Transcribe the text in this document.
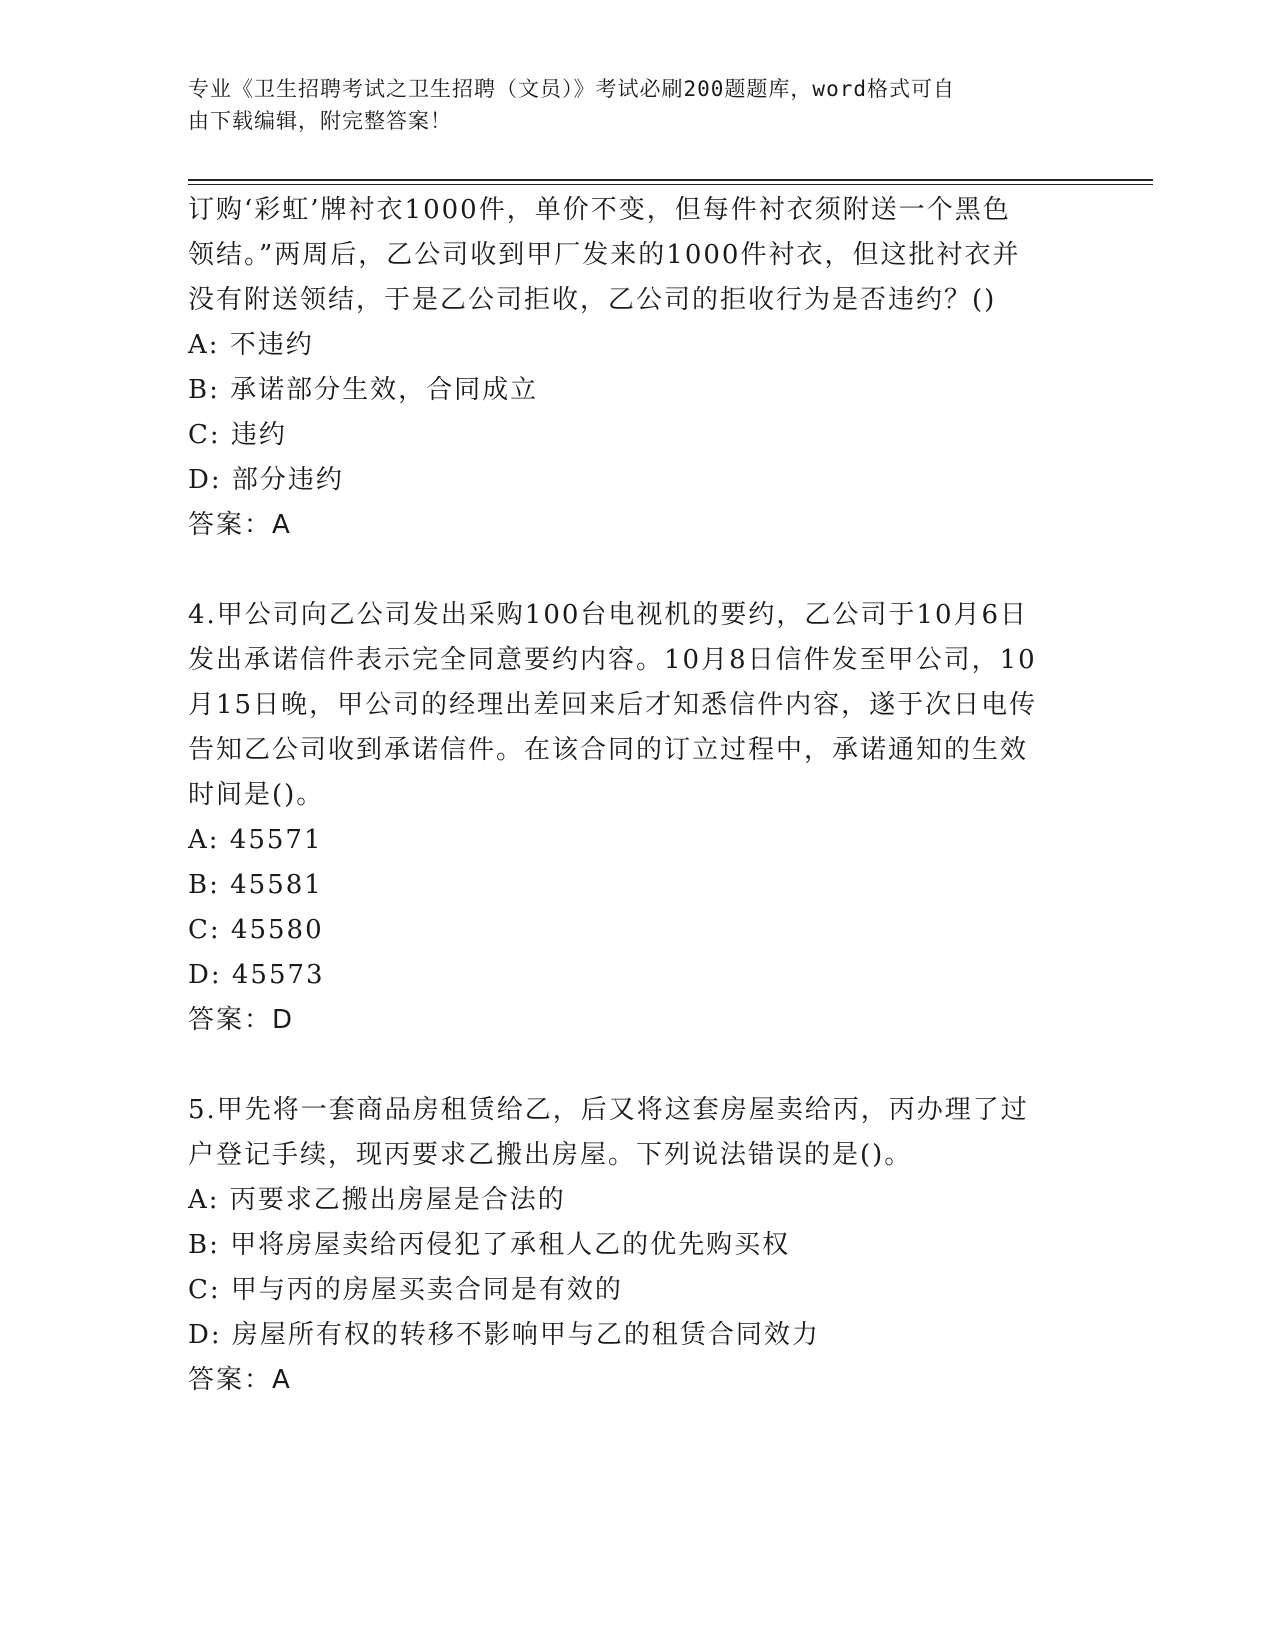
专业《卫生招聘考试之卫生招聘（文员）》考试必刷200题题库，word格式可自
由下载编辑，附完整答案！

订购‘彩虹’牌衬衣1000件，单价不变，但每件衬衣须附送一个黑色

领结。”两周后，乙公司收到甲厂发来的1000件衬衣，但这批衬衣并

没有附送领结，于是乙公司拒收，乙公司的拒收行为是否违约？()

A: 不违约

B: 承诺部分生效，合同成立

C: 违约

D: 部分违约

答案：A

4.甲公司向乙公司发出采购100台电视机的要约，乙公司于10月6日

发出承诺信件表示完全同意要约内容。10月8日信件发至甲公司，10

月15日晚，甲公司的经理出差回来后才知悉信件内容，遂于次日电传

告知乙公司收到承诺信件。在该合同的订立过程中，承诺通知的生效

时间是()。

A: 45571

B: 45581

C: 45580

D: 45573

答案：D

5.甲先将一套商品房租赁给乙，后又将这套房屋卖给丙，丙办理了过

户登记手续，现丙要求乙搬出房屋。下列说法错误的是()。

A: 丙要求乙搬出房屋是合法的

B: 甲将房屋卖给丙侵犯了承租人乙的优先购买权

C: 甲与丙的房屋买卖合同是有效的

D: 房屋所有权的转移不影响甲与乙的租赁合同效力

答案：A
